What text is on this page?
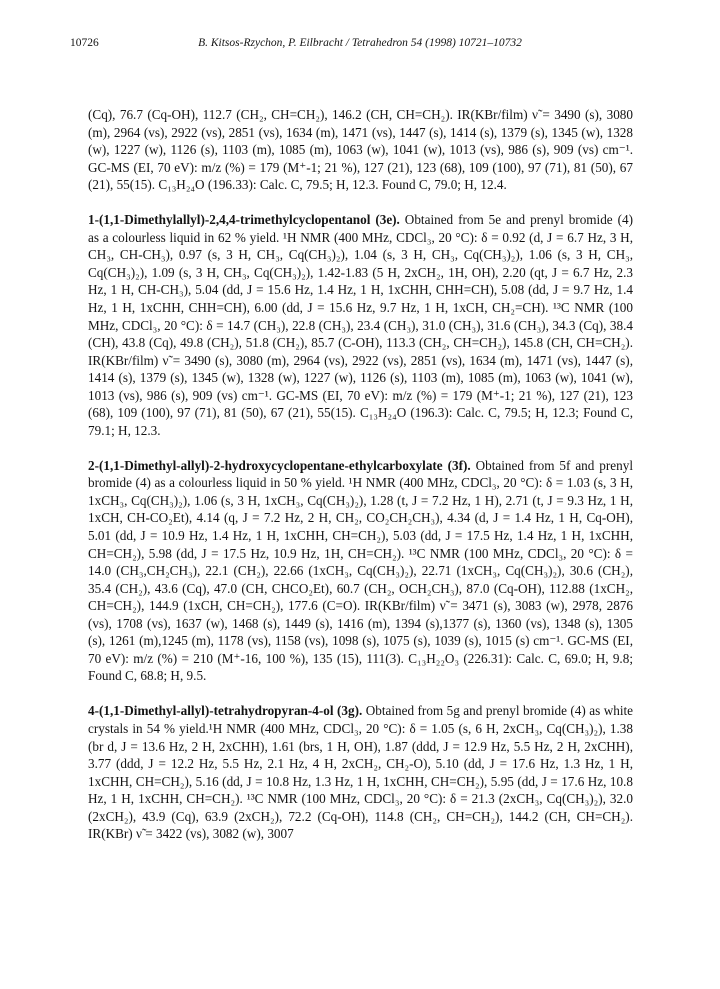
10726	B. Kitsos-Rzychon, P. Eilbracht / Tetrahedron 54 (1998) 10721–10732

(Cq), 76.7 (Cq-OH), 112.7 (CH₂, CH=CH₂), 146.2 (CH, CH=CH₂). IR(KBr/film) ν̃ = 3490 (s), 3080 (m), 2964 (vs), 2922 (vs), 2851 (vs), 1634 (m), 1471 (vs), 1447 (s), 1414 (s), 1379 (s), 1345 (w), 1328 (w), 1227 (w), 1126 (s), 1103 (m), 1085 (m), 1063 (w), 1041 (w), 1013 (vs), 986 (s), 909 (vs) cm⁻¹. GC-MS (EI, 70 eV): m/z (%) = 179 (M⁺-1; 21 %), 127 (21), 123 (68), 109 (100), 97 (71), 81 (50), 67 (21), 55(15). C₁₃H₂₄O (196.33): Calc. C, 79.5; H, 12.3. Found C, 79.0; H, 12.4.

1-(1,1-Dimethylallyl)-2,4,4-trimethylcyclopentanol (3e). Obtained from 5e and prenyl bromide (4) as a colourless liquid in 62 % yield. ¹H NMR (400 MHz, CDCl₃, 20 °C): δ = 0.92 (d, J = 6.7 Hz, 3 H, CH₃, CH-CH₃), 0.97 (s, 3 H, CH₃, Cq(CH₃)₂), 1.04 (s, 3 H, CH₃, Cq(CH₃)₂), 1.06 (s, 3 H, CH₃, Cq(CH₃)₂), 1.09 (s, 3 H, CH₃, Cq(CH₃)₂), 1.42-1.83 (5 H, 2xCH₂, 1H, OH), 2.20 (qt, J = 6.7 Hz, 2.3 Hz, 1 H, CH-CH₃), 5.04 (dd, J = 15.6 Hz, 1.4 Hz, 1 H, 1xCHH, CHH=CH), 5.08 (dd, J = 9.7 Hz, 1.4 Hz, 1 H, 1xCHH, CHH=CH), 6.00 (dd, J = 15.6 Hz, 9.7 Hz, 1 H, 1xCH, CH₂=CH). ¹³C NMR (100 MHz, CDCl₃, 20 °C): δ = 14.7 (CH₃), 22.8 (CH₃), 23.4 (CH₃), 31.0 (CH₃), 31.6 (CH₃), 34.3 (Cq), 38.4 (CH), 43.8 (Cq), 49.8 (CH₂), 51.8 (CH₂), 85.7 (C-OH), 113.3 (CH₂, CH=CH₂), 145.8 (CH, CH=CH₂). IR(KBr/film) ν̃ = 3490 (s), 3080 (m), 2964 (vs), 2922 (vs), 2851 (vs), 1634 (m), 1471 (vs), 1447 (s), 1414 (s), 1379 (s), 1345 (w), 1328 (w), 1227 (w), 1126 (s), 1103 (m), 1085 (m), 1063 (w), 1041 (w), 1013 (vs), 986 (s), 909 (vs) cm⁻¹. GC-MS (EI, 70 eV): m/z (%) = 179 (M⁺-1; 21 %), 127 (21), 123 (68), 109 (100), 97 (71), 81 (50), 67 (21), 55(15). C₁₃H₂₄O (196.3): Calc. C, 79.5; H, 12.3; Found C, 79.1; H, 12.3.

2-(1,1-Dimethyl-allyl)-2-hydroxycyclopentane-ethylcarboxylate (3f). Obtained from 5f and prenyl bromide (4) as a colourless liquid in 50 % yield. ¹H NMR (400 MHz, CDCl₃, 20 °C): δ = 1.03 (s, 3 H, 1xCH₃, Cq(CH₃)₂), 1.06 (s, 3 H, 1xCH₃, Cq(CH₃)₂), 1.28 (t, J = 7.2 Hz, 1 H), 2.71 (t, J = 9.3 Hz, 1 H, 1xCH, CH-CO₂Et), 4.14 (q, J = 7.2 Hz, 2 H, CH₂, CO₂CH₂CH₃), 4.34 (d, J = 1.4 Hz, 1 H, Cq-OH), 5.01 (dd, J = 10.9 Hz, 1.4 Hz, 1 H, 1xCHH, CH=CH₂), 5.03 (dd, J = 17.5 Hz, 1.4 Hz, 1 H, 1xCHH, CH=CH₂), 5.98 (dd, J = 17.5 Hz, 10.9 Hz, 1H, CH=CH₂). ¹³C NMR (100 MHz, CDCl₃, 20 °C): δ = 14.0 (CH₃,CH₂CH₃), 22.1 (CH₂), 22.66 (1xCH₃, Cq(CH₃)₂), 22.71 (1xCH₃, Cq(CH₃)₂), 30.6 (CH₂), 35.4 (CH₂), 43.6 (Cq), 47.0 (CH, CHCO₂Et), 60.7 (CH₂, OCH₂CH₃), 87.0 (Cq-OH), 112.88 (1xCH₂, CH=CH₂), 144.9 (1xCH, CH=CH₂), 177.6 (C=O). IR(KBr/film) ν̃ = 3471 (s), 3083 (w), 2978, 2876 (vs), 1708 (vs), 1637 (w), 1468 (s), 1449 (s), 1416 (m), 1394 (s),1377 (s), 1360 (vs), 1348 (s), 1305 (s), 1261 (m),1245 (m), 1178 (vs), 1158 (vs), 1098 (s), 1075 (s), 1039 (s), 1015 (s) cm⁻¹. GC-MS (EI, 70 eV): m/z (%) = 210 (M⁺-16, 100 %), 135 (15), 111(3). C₁₃H₂₂O₃ (226.31): Calc. C, 69.0; H, 9.8; Found C, 68.8; H, 9.5.

4-(1,1-Dimethyl-allyl)-tetrahydropyran-4-ol (3g). Obtained from 5g and prenyl bromide (4) as white crystals in 54 % yield.¹H NMR (400 MHz, CDCl₃, 20 °C): δ = 1.05 (s, 6 H, 2xCH₃, Cq(CH₃)₂), 1.38 (br d, J = 13.6 Hz, 2 H, 2xCHH), 1.61 (brs, 1 H, OH), 1.87 (ddd, J = 12.9 Hz, 5.5 Hz, 2 H, 2xCHH), 3.77 (ddd, J = 12.2 Hz, 5.5 Hz, 2.1 Hz, 4 H, 2xCH₂, CH₂-O), 5.10 (dd, J = 17.6 Hz, 1.3 Hz, 1 H, 1xCHH, CH=CH₂), 5.16 (dd, J = 10.8 Hz, 1.3 Hz, 1 H, 1xCHH, CH=CH₂), 5.95 (dd, J = 17.6 Hz, 10.8 Hz, 1 H, 1xCHH, CH=CH₂). ¹³C NMR (100 MHz, CDCl₃, 20 °C): δ = 21.3 (2xCH₃, Cq(CH₃)₂), 32.0 (2xCH₂), 43.9 (Cq), 63.9 (2xCH₂), 72.2 (Cq-OH), 114.8 (CH₂, CH=CH₂), 144.2 (CH, CH=CH₂). IR(KBr) ν̃ = 3422 (vs), 3082 (w), 3007
